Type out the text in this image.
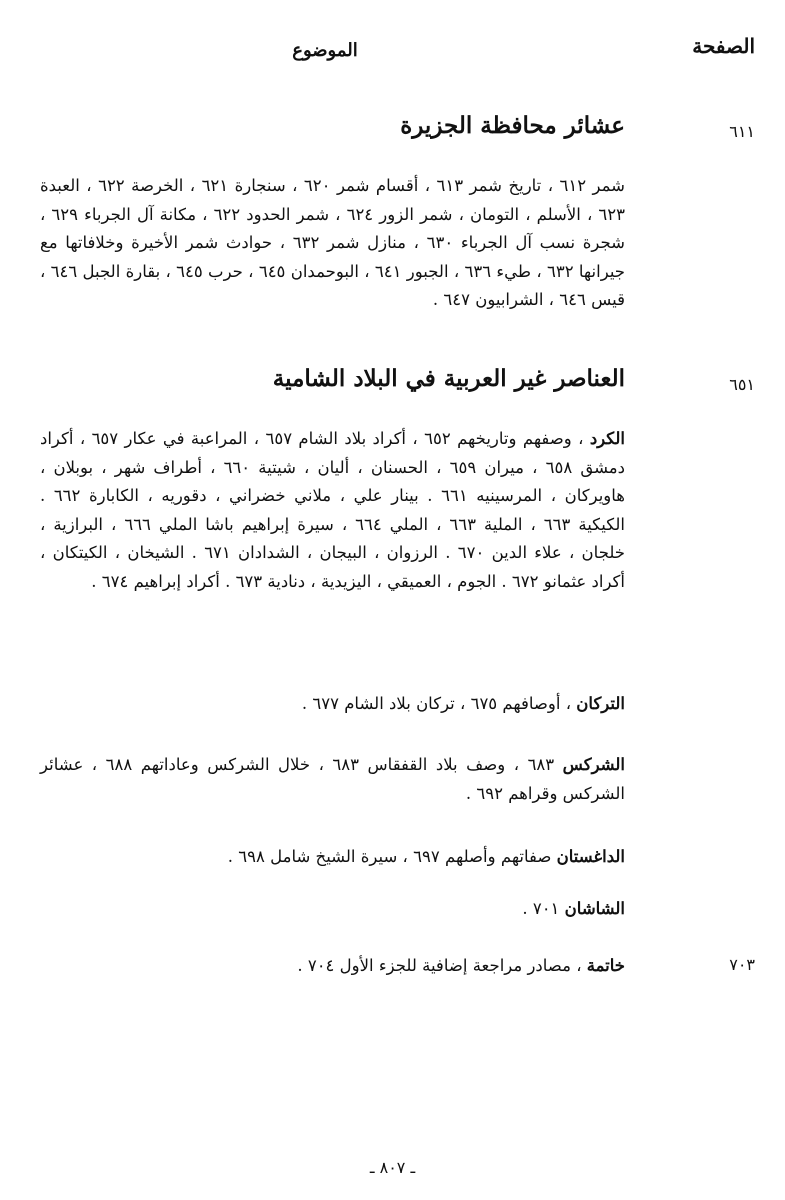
الصفحة
الموضوع
٦١١
عشائر محافظة الجزيرة
شمر ٦١٢ ، تاريخ شمر ٦١٣ ، أقسام شمر ٦٢٠ ، سنجارة ٦٢١ ، الخرصة ٦٢٢ ، العبدة ٦٢٣ ، الأسلم ، التومان ، شمر الزور ٦٢٤ ، شمر الحدود ٦٢٢ ، مكانة آل الجرباء ٦٢٩ ، شجرة نسب آل الجرباء ٦٣٠ ، منازل شمر ٦٣٢ ، حوادث شمر الأخيرة وخلافاتها مع جيرانها ٦٣٢ ، طيء ٦٣٦ ، الجبور ٦٤١ ، البوحمدان ٦٤٥ ، حرب ٦٤٥ ، بقارة الجبل ٦٤٦ ، قيس ٦٤٦ ، الشرابيون ٦٤٧ .
٦٥١
العناصر غير العربية في البلاد الشامية
الكرد ، وصفهم وتاريخهم ٦٥٢ ، أكراد بلاد الشام ٦٥٧ ، المراعبة في عكار ٦٥٧ ، أكراد دمشق ٦٥٨ ، ميران ٦٥٩ ، الحسنان ، أليان ، شيتية ٦٦٠ ، أطراف شهر ، بوبلان ، هاويركان ، المرسينيه ٦٦١ . بينار علي ، ملاني خضراني ، دقوريه ، الكابارة ٦٦٢ . الكيكية ٦٦٣ ، الملية ٦٦٣ ، الملي ٦٦٤ ، سيرة إبراهيم باشا الملي ٦٦٦ ، البرازية ، خلجان ، علاء الدين ٦٧٠ . الرزوان ، البيجان ، الشدادان ٦٧١ . الشيخان ، الكيتكان ، أكراد عثمانو ٦٧٢ . الجوم ، العميقي ، اليزيدية ، دنادية ٦٧٣ . أكراد إبراهيم ٦٧٤ .
التركان ، أوصافهم ٦٧٥ ، تركان بلاد الشام ٦٧٧ .
الشركس ٦٨٣ ، وصف بلاد القفقاس ٦٨٣ ، خلال الشركس وعاداتهم ٦٨٨ ، عشائر الشركس وقراهم ٦٩٢ .
الداغستان صفاتهم وأصلهم ٦٩٧ ، سيرة الشيخ شامل ٦٩٨ .
الشاشان ٧٠١ .
٧٠٣
خاتمة ، مصادر مراجعة إضافية للجزء الأول ٧٠٤ .
ـ ٨٠٧ ـ
